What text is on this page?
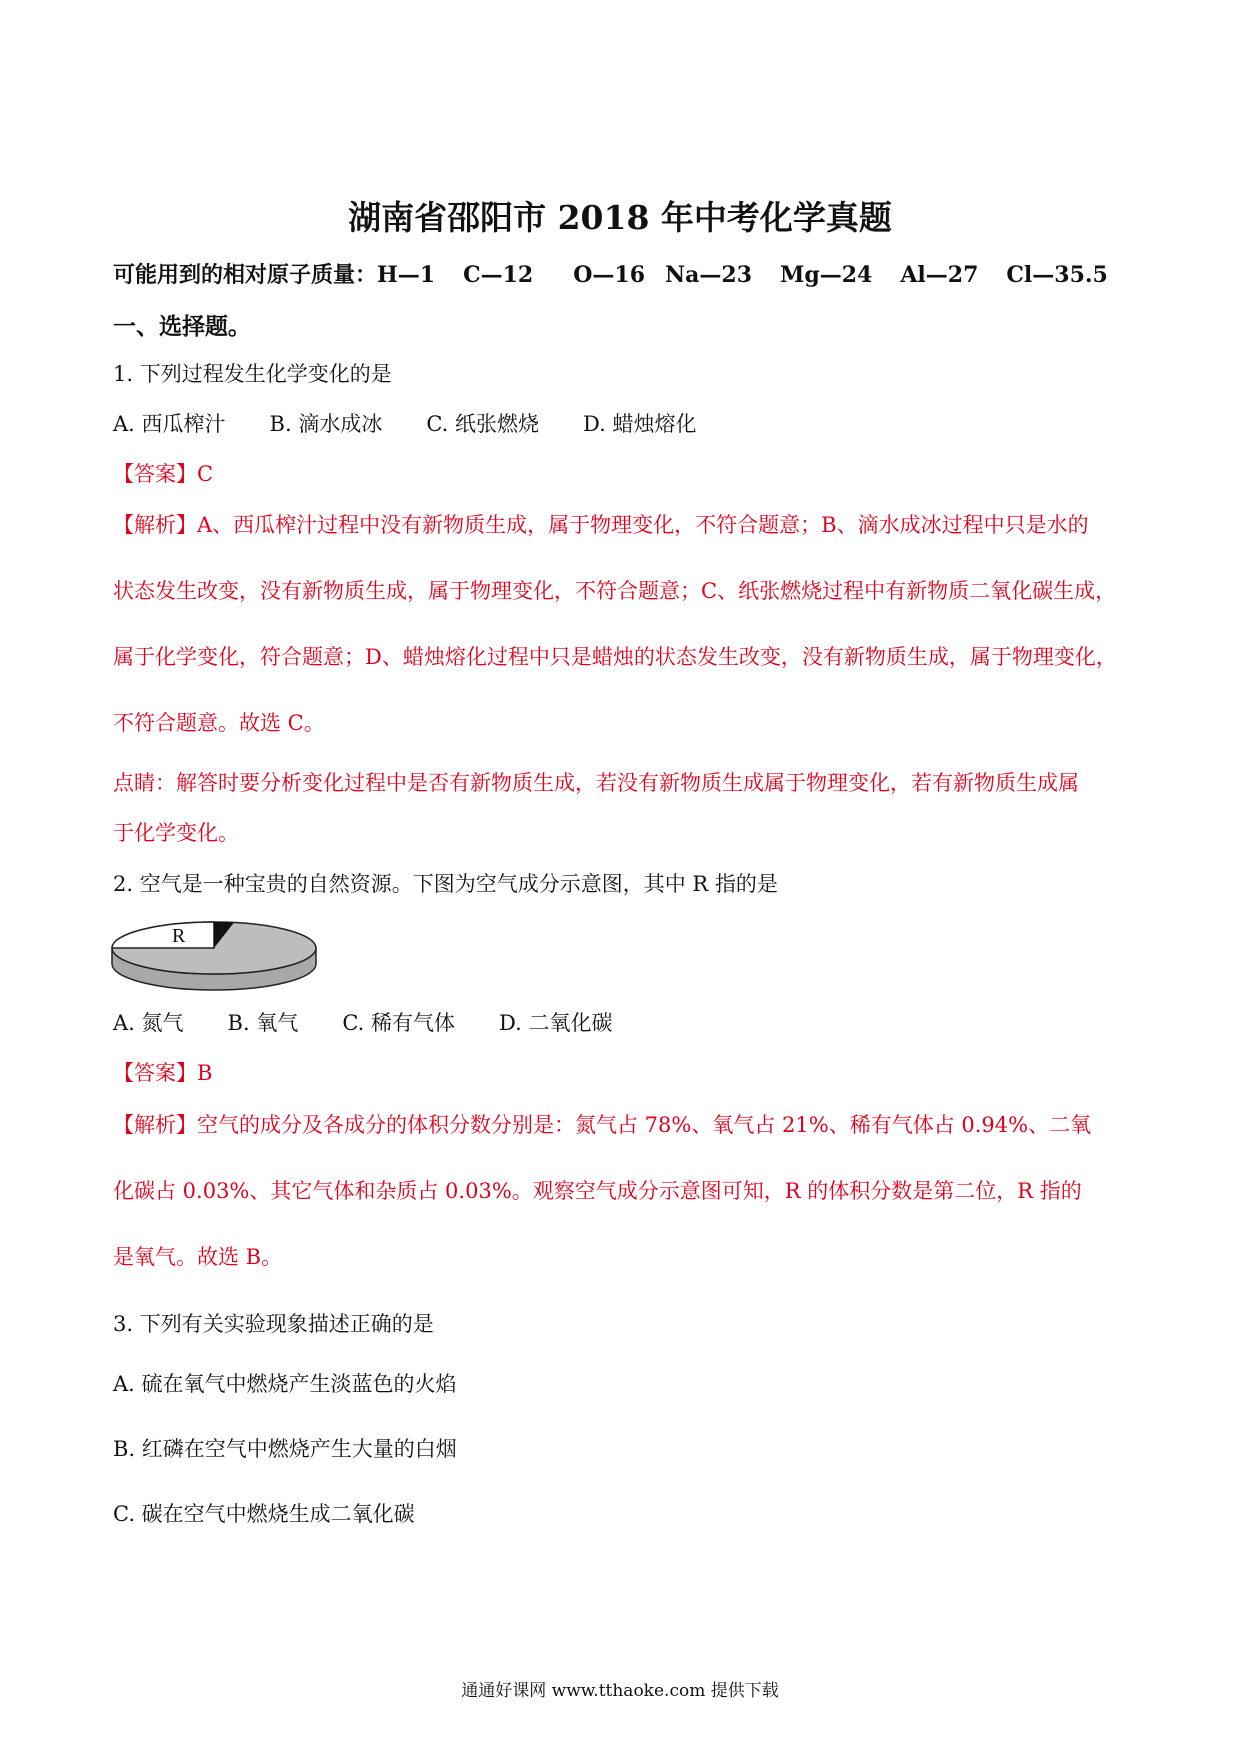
湖南省邵阳市 2018 年中考化学真题
可能用到的相对原子质量：H—1 C—12 O—16 Na—23 Mg—24 Al—27 Cl—35.5
一、选择题。
1. 下列过程发生化学变化的是
A. 西瓜榨汁 B. 滴水成冰 C. 纸张燃烧 D. 蜡烛熔化
【答案】C
【解析】A、西瓜榨汁过程中没有新物质生成，属于物理变化，不符合题意；B、滴水成冰过程中只是水的
状态发生改变，没有新物质生成，属于物理变化，不符合题意；C、纸张燃烧过程中有新物质二氧化碳生成，
属于化学变化，符合题意；D、蜡烛熔化过程中只是蜡烛的状态发生改变，没有新物质生成，属于物理变化，
不符合题意。故选 C。
点睛：解答时要分析变化过程中是否有新物质生成，若没有新物质生成属于物理变化，若有新物质生成属
于化学变化。
2. 空气是一种宝贵的自然资源。下图为空气成分示意图，其中 R 指的是
R
A. 氮气 B. 氧气 C. 稀有气体 D. 二氧化碳
【答案】B
【解析】空气的成分及各成分的体积分数分别是：氮气占 78%、氧气占 21%、稀有气体占 0.94%、二氧
化碳占 0.03%、其它气体和杂质占 0.03%。观察空气成分示意图可知，R 的体积分数是第二位，R 指的
是氧气。故选 B。
3. 下列有关实验现象描述正确的是
A. 硫在氧气中燃烧产生淡蓝色的火焰
B. 红磷在空气中燃烧产生大量的白烟
C. 碳在空气中燃烧生成二氧化碳
通通好课网 www.tthaoke.com 提供下载
